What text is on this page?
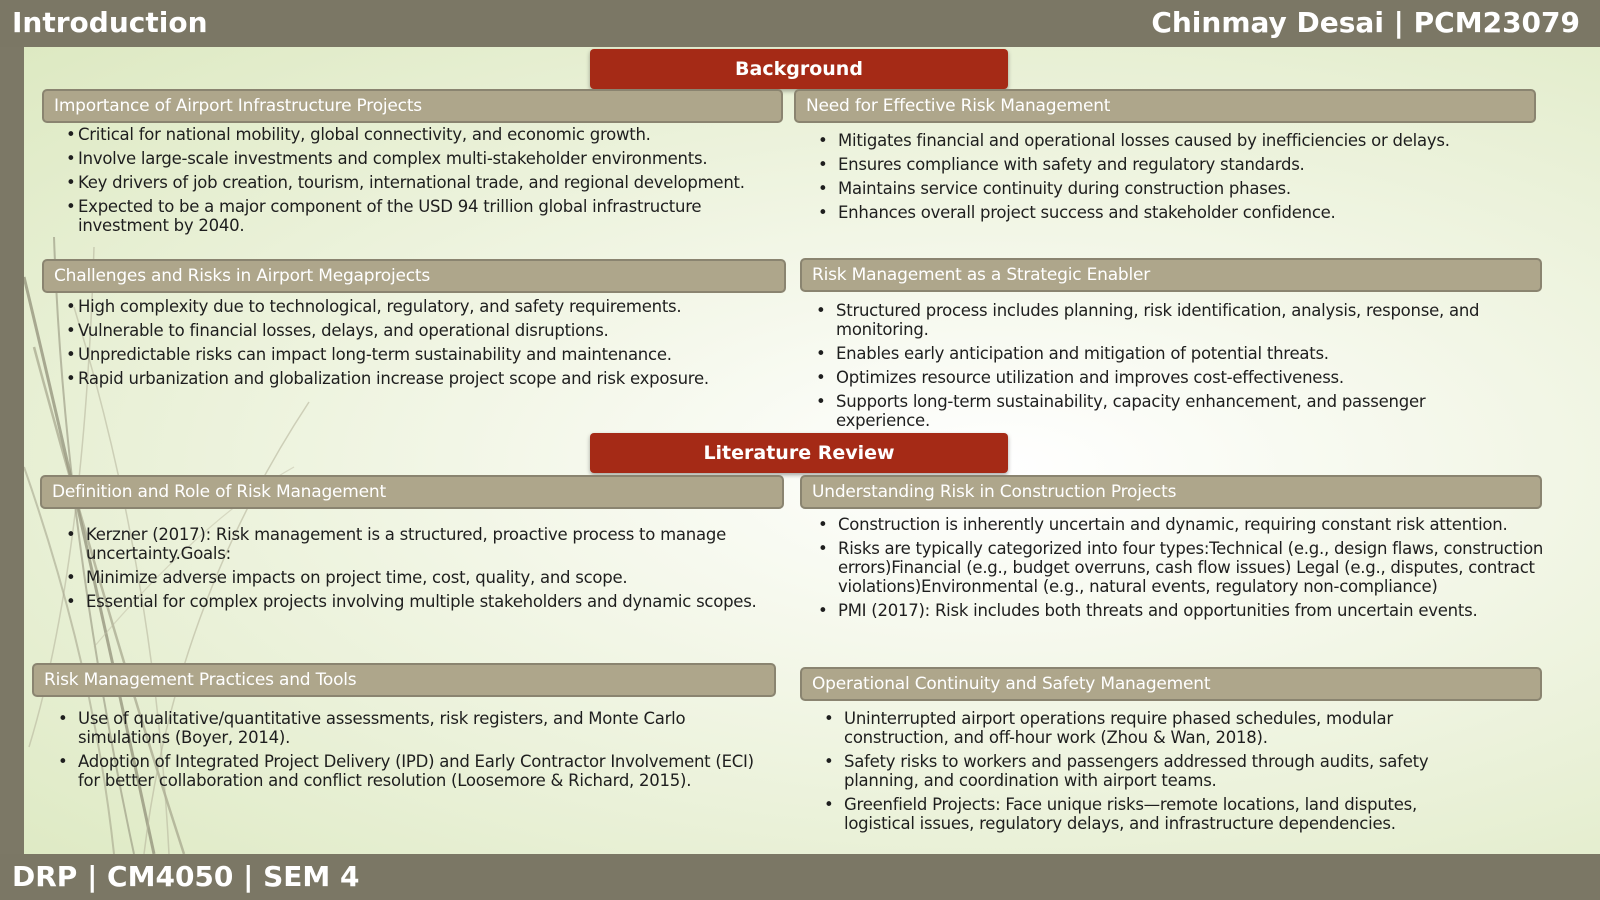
Introduction	Chinmay Desai | PCM23079
Background
Importance of Airport Infrastructure Projects
• Critical for national mobility, global connectivity, and economic growth.
• Involve large-scale investments and complex multi-stakeholder environments.
• Key drivers of job creation, tourism, international trade, and regional development.
• Expected to be a major component of the USD 94 trillion global infrastructure investment by 2040.
Need for Effective Risk Management
• Mitigates financial and operational losses caused by inefficiencies or delays.
• Ensures compliance with safety and regulatory standards.
• Maintains service continuity during construction phases.
• Enhances overall project success and stakeholder confidence.
Challenges and Risks in Airport Megaprojects
• High complexity due to technological, regulatory, and safety requirements.
• Vulnerable to financial losses, delays, and operational disruptions.
• Unpredictable risks can impact long-term sustainability and maintenance.
• Rapid urbanization and globalization increase project scope and risk exposure.
Risk Management as a Strategic Enabler
• Structured process includes planning, risk identification, analysis, response, and monitoring.
• Enables early anticipation and mitigation of potential threats.
• Optimizes resource utilization and improves cost-effectiveness.
• Supports long-term sustainability, capacity enhancement, and passenger experience.
Literature Review
Definition and Role of Risk Management
• Kerzner (2017): Risk management is a structured, proactive process to manage uncertainty.Goals:
• Minimize adverse impacts on project time, cost, quality, and scope.
• Essential for complex projects involving multiple stakeholders and dynamic scopes.
Understanding Risk in Construction Projects
• Construction is inherently uncertain and dynamic, requiring constant risk attention.
• Risks are typically categorized into four types:Technical (e.g., design flaws, construction errors)Financial (e.g., budget overruns, cash flow issues) Legal (e.g., disputes, contract violations)Environmental (e.g., natural events, regulatory non-compliance)
• PMI (2017): Risk includes both threats and opportunities from uncertain events.
Risk Management Practices and Tools
• Use of qualitative/quantitative assessments, risk registers, and Monte Carlo simulations (Boyer, 2014).
• Adoption of Integrated Project Delivery (IPD) and Early Contractor Involvement (ECI) for better collaboration and conflict resolution (Loosemore & Richard, 2015).
Operational Continuity and Safety Management
• Uninterrupted airport operations require phased schedules, modular construction, and off-hour work (Zhou & Wan, 2018).
• Safety risks to workers and passengers addressed through audits, safety planning, and coordination with airport teams.
• Greenfield Projects: Face unique risks—remote locations, land disputes, logistical issues, regulatory delays, and infrastructure dependencies.
DRP | CM4050 | SEM 4
